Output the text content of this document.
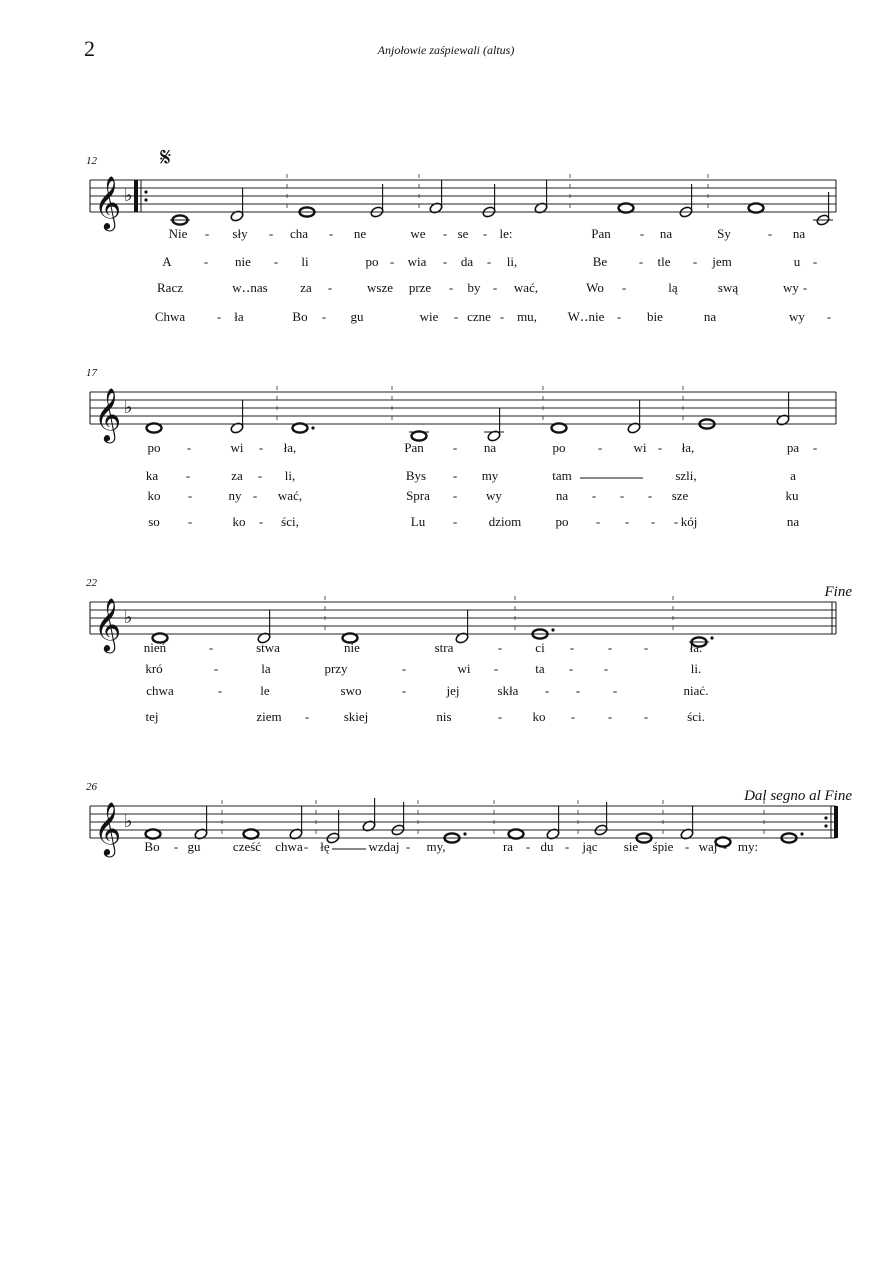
2	Anjołowie zaśpiewali (altus)
12
𝄞 ♭
𝄋
Nie - sły - cha - ne	we - se - le:	Pan - na	Sy	- na
A - nie - li	po - wia - da - li,	Be - tle - jem	u -
Racz	w‥nas	za -	wsze prze - by - wać,	Wo -	lą	swą	wy -
Chwa - ła	Bo - gu	wie - czne - mu, W‥nie - bie	na	wy -
17
𝄞 ♭
po -	wi - ła,	Pan - na	po - wi - ła,	pa -
ka -	za - li,	Bys - my	tam	szli,	a
ko -	ny - wać,	Spra - wy	na - - - sze	ku
so -	ko - ści,	Lu - dziom	po - - - - kój	na
22
𝄞 ♭
Fine
nień	-	stwa	nie	stra	-	ci -	- -	ła.
kró	-	la	przy	-	wi -	ta - -	li.
chwa	-	le	swo	-	jej	skła - -	-	niać.
tej	ziem -	skiej	nis	- ko -	- -	ści.
26
𝄞 ♭
Dal segno al Fine
Bo - gu cześć chwa - łę	wzdaj - my,	ra - du - jąc sie śpie - waj - my:
